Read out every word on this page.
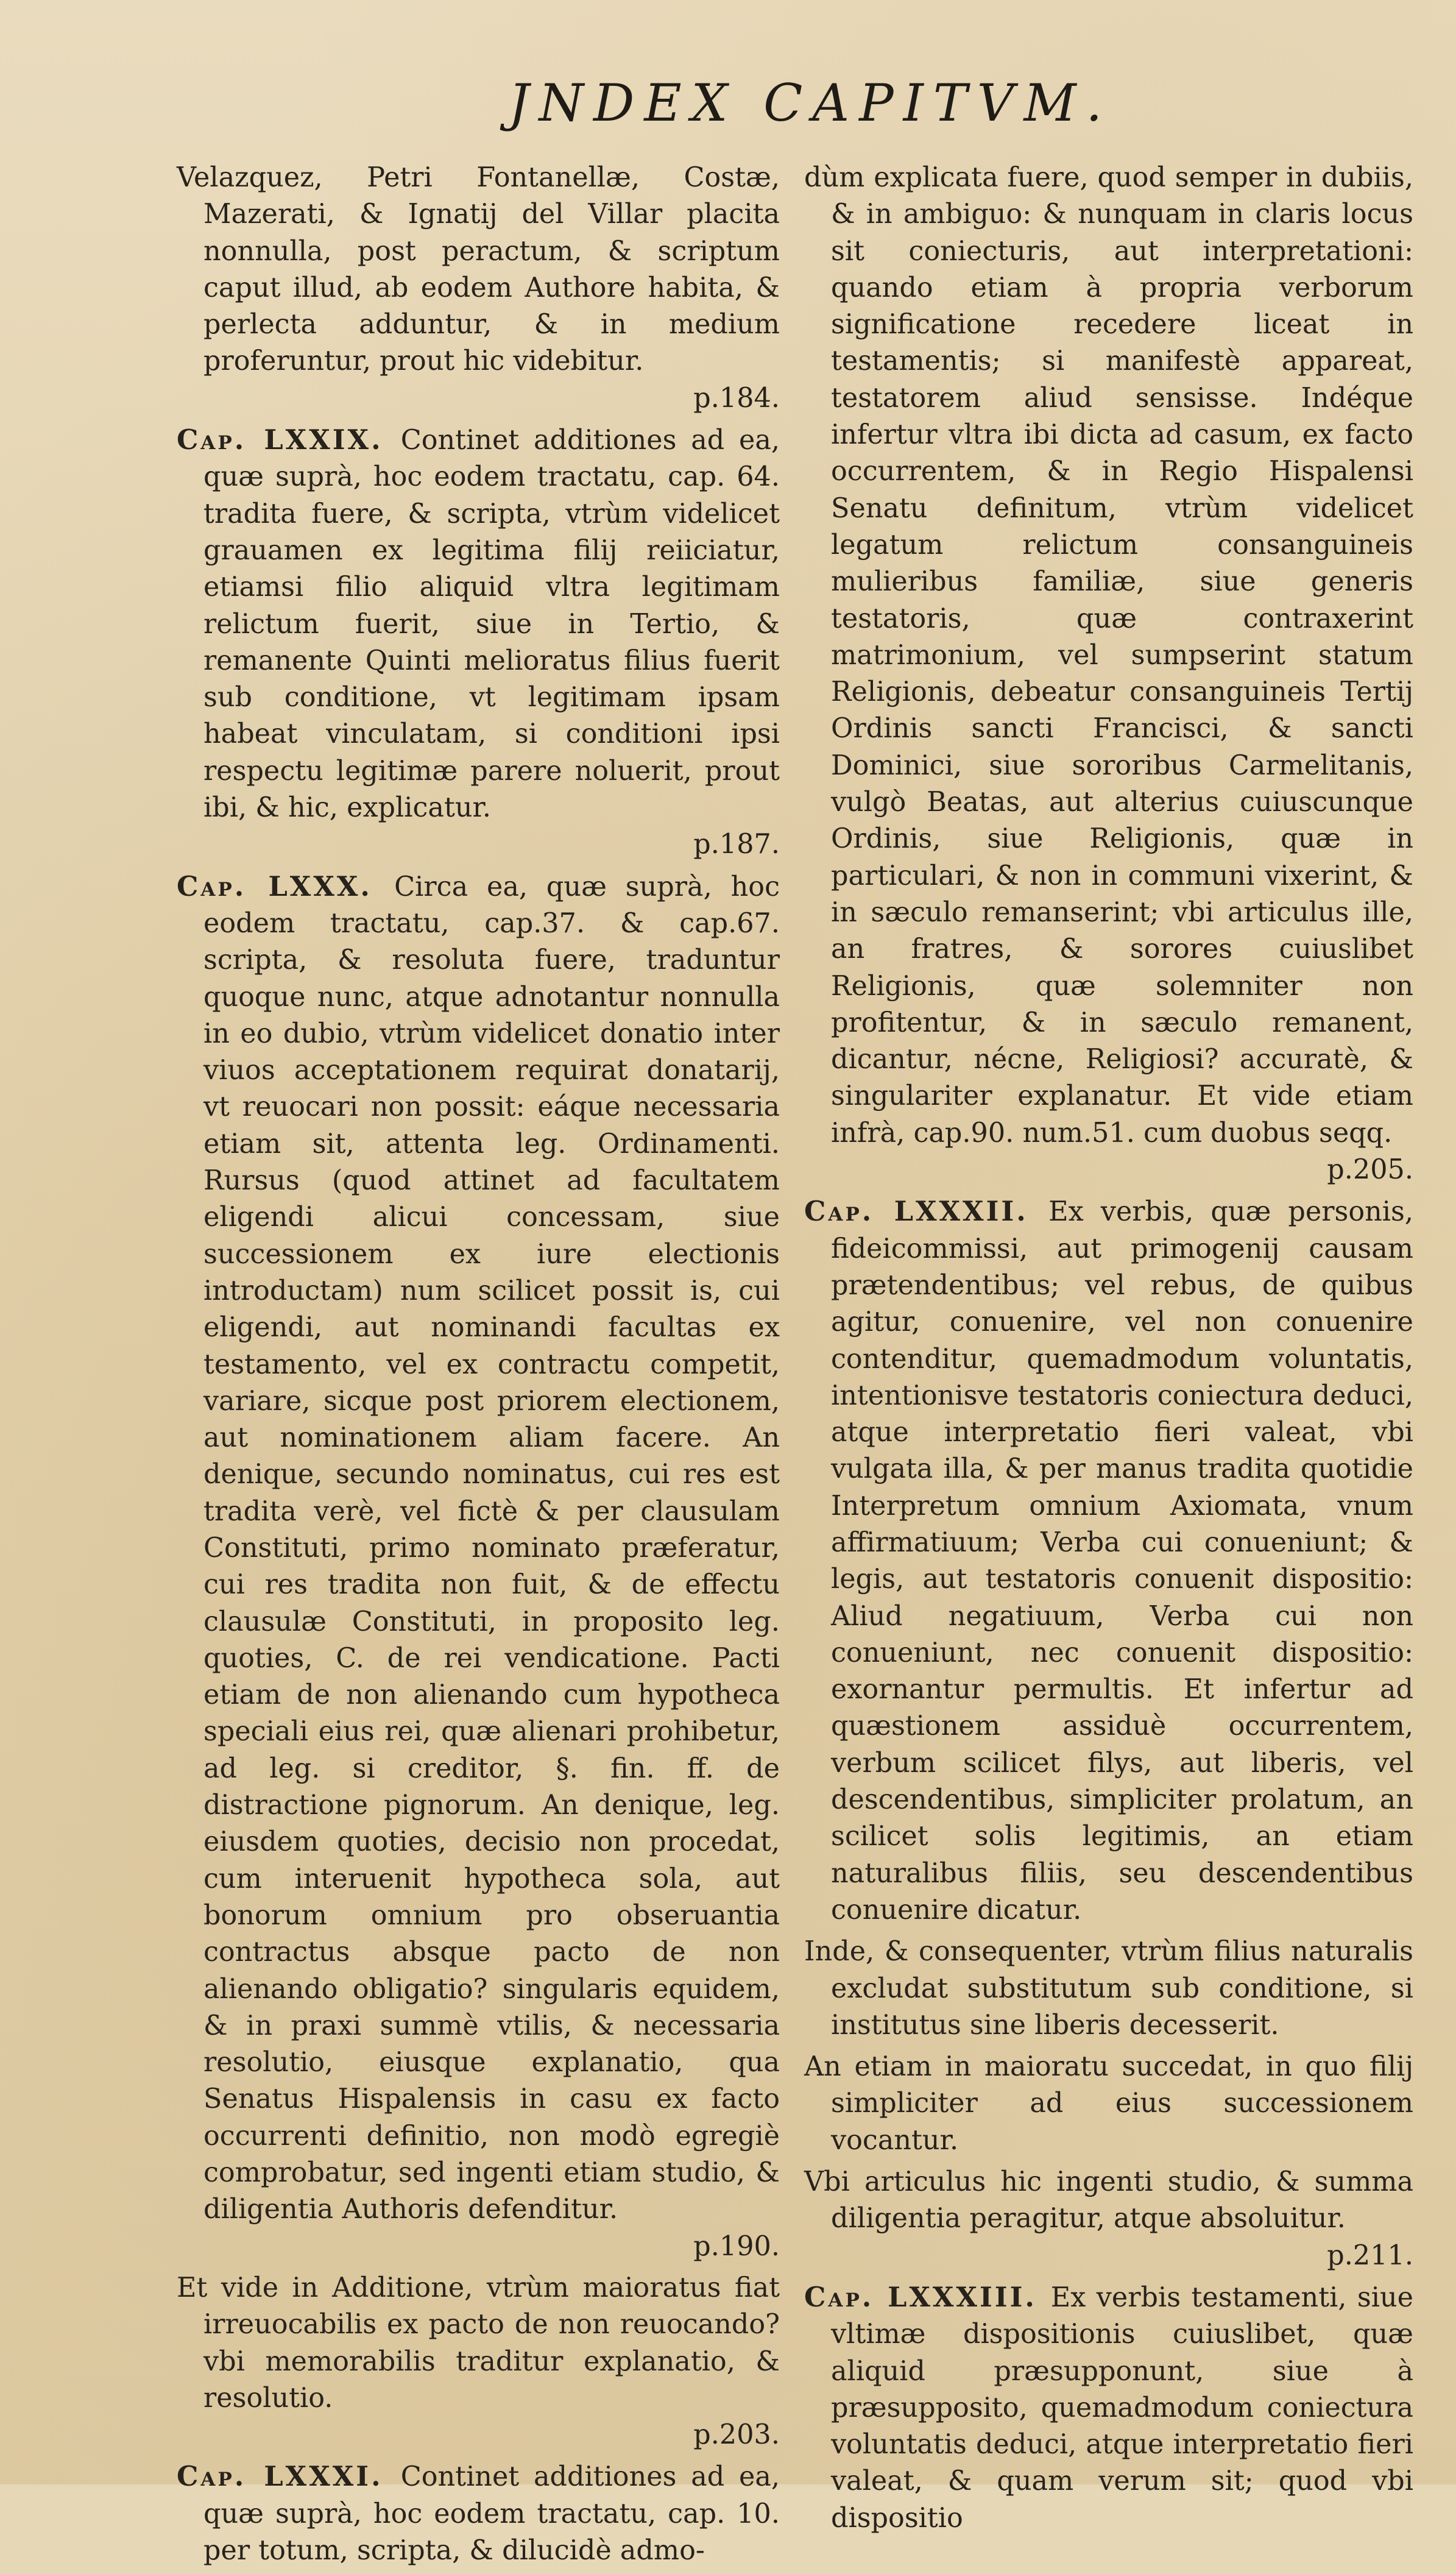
JNDEX CAPITVM.

Velazquez, Petri Fontanellæ, Costæ, Mazerati, & Ignatij del Villar placita nonnulla, post peractum, & scriptum caput illud, ab eodem Authore habita, & perlecta adduntur, & in medium proferuntur, prout hic videbitur.
p.184.

Cap. LXXIX. Continet additiones ad ea, quæ suprà, hoc eodem tractatu, cap. 64. tradita fuere, & scripta, vtrùm videlicet grauamen ex legitima filij reiiciatur, etiamsi filio aliquid vltra legitimam relictum fuerit, siue in Tertio, & remanente Quinti melioratus filius fuerit sub conditione, vt legitimam ipsam habeat vinculatam, si conditioni ipsi respectu legitimæ parere noluerit, prout ibi, & hic, explicatur.
p.187.

Cap. LXXX. Circa ea, quæ suprà, hoc eodem tractatu, cap.37. & cap.67. scripta, & resoluta fuere, traduntur quoque nunc, atque adnotantur nonnulla in eo dubio, vtrùm videlicet donatio inter viuos acceptationem requirat donatarij, vt reuocari non possit: eáque necessaria etiam sit, attenta leg. Ordinamenti. Rursus (quod attinet ad facultatem eligendi alicui concessam, siue successionem ex iure electionis introductam) num scilicet possit is, cui eligendi, aut nominandi facultas ex testamento, vel ex contractu competit, variare, sicque post priorem electionem, aut nominationem aliam facere. An denique, secundo nominatus, cui res est tradita verè, vel fictè & per clausulam Constituti, primo nominato præferatur, cui res tradita non fuit, & de effectu clausulæ Constituti, in proposito leg. quoties, C. de rei vendicatione. Pacti etiam de non alienando cum hypotheca speciali eius rei, quæ alienari prohibetur, ad leg. si creditor, §. fin. ff. de distractione pignorum. An denique, leg. eiusdem quoties, decisio non procedat, cum interuenit hypotheca sola, aut bonorum omnium pro obseruantia contractus absque pacto de non alienando obligatio? singularis equidem, & in praxi summè vtilis, & necessaria resolutio, eiusque explanatio, qua Senatus Hispalensis in casu ex facto occurrenti definitio, non modò egregiè comprobatur, sed ingenti etiam studio, & diligentia Authoris defenditur.
p.190.

Et vide in Additione, vtrùm maioratus fiat irreuocabilis ex pacto de non reuocando? vbi memorabilis traditur explanatio, & resolutio.
p.203.

Cap. LXXXI. Continet additiones ad ea, quæ suprà, hoc eodem tractatu, cap. 10. per totum, scripta, & dilucidè admo-

dùm explicata fuere, quod semper in dubiis, & in ambiguo: & nunquam in claris locus sit coniecturis, aut interpretationi: quando etiam à propria verborum significatione recedere liceat in testamentis; si manifestè appareat, testatorem aliud sensisse. Indéque infertur vltra ibi dicta ad casum, ex facto occurrentem, & in Regio Hispalensi Senatu definitum, vtrùm videlicet legatum relictum consanguineis mulieribus familiæ, siue generis testatoris, quæ contraxerint matrimonium, vel sumpserint statum Religionis, debeatur consanguineis Tertij Ordinis sancti Francisci, & sancti Dominici, siue sororibus Carmelitanis, vulgò Beatas, aut alterius cuiuscunque Ordinis, siue Religionis, quæ in particulari, & non in communi vixerint, & in sæculo remanserint; vbi articulus ille, an fratres, & sorores cuiuslibet Religionis, quæ solemniter non profitentur, & in sæculo remanent, dicantur, nécne, Religiosi? accuratè, & singulariter explanatur. Et vide etiam infrà, cap.90. num.51. cum duobus seqq.
p.205.

Cap. LXXXII. Ex verbis, quæ personis, fideicommissi, aut primogenij causam prætendentibus; vel rebus, de quibus agitur, conuenire, vel non conuenire contenditur, quemadmodum voluntatis, intentionisve testatoris coniectura deduci, atque interpretatio fieri valeat, vbi vulgata illa, & per manus tradita quotidie Interpretum omnium Axiomata, vnum affirmatiuum; Verba cui conueniunt; & legis, aut testatoris conuenit dispositio: Aliud negatiuum, Verba cui non conueniunt, nec conuenit dispositio: exornantur permultis. Et infertur ad quæstionem assiduè occurrentem, verbum scilicet filys, aut liberis, vel descendentibus, simpliciter prolatum, an scilicet solis legitimis, an etiam naturalibus filiis, seu descendentibus conuenire dicatur.

Inde, & consequenter, vtrùm filius naturalis excludat substitutum sub conditione, si institutus sine liberis decesserit.

An etiam in maioratu succedat, in quo filij simpliciter ad eius successionem vocantur.

Vbi articulus hic ingenti studio, & summa diligentia peragitur, atque absoluitur.
p.211.

Cap. LXXXIII. Ex verbis testamenti, siue vltimæ dispositionis cuiuslibet, quæ aliquid præsupponunt, siue à præsupposito, quemadmodum coniectura voluntatis deduci, atque interpretatio fieri valeat, & quam verum sit; quod vbi dispositio
